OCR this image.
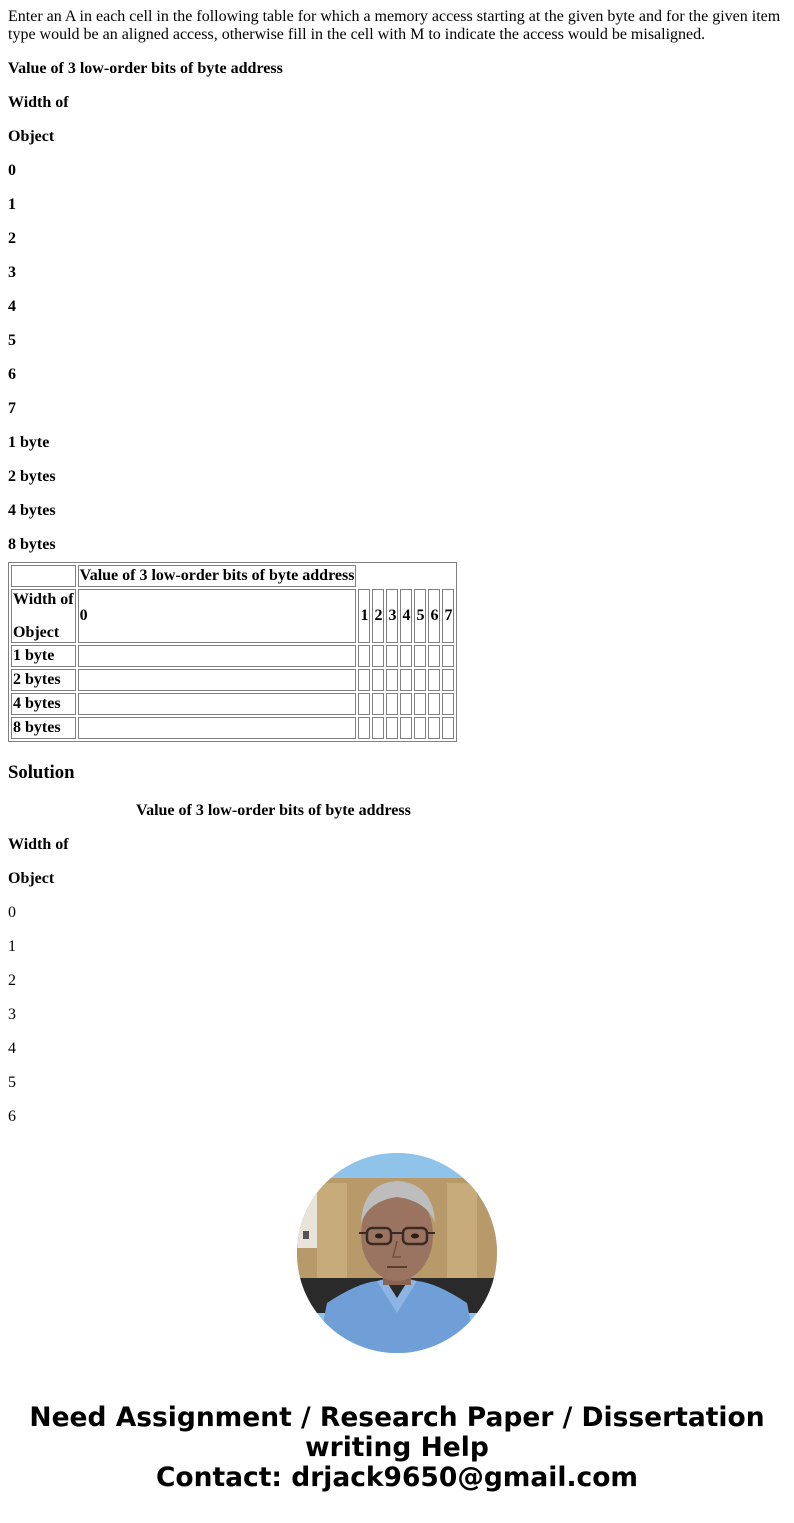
Enter an A in each cell in the following table for which a memory access starting at the given byte and for the given item type would be an aligned access, otherwise fill in the cell with M to indicate the access would be misaligned.

Value of 3 low-order bits of byte address

Width of

Object

0

1

2

3

4

5

6

7

1 byte

2 bytes

4 bytes

8 bytes

	Value of 3 low-order bits of byte address							

Width of
Object	0	1	2	3	4	5	6	7
1 byte								
2 bytes								
4 bytes								
8 bytes								
Solution

Value of 3 low-order bits of byte address

Width of

Object

0

1

2

3

4

5

6

Need Assignment / Research Paper / Dissertation
writing Help
Contact: drjack9650@gmail.com
